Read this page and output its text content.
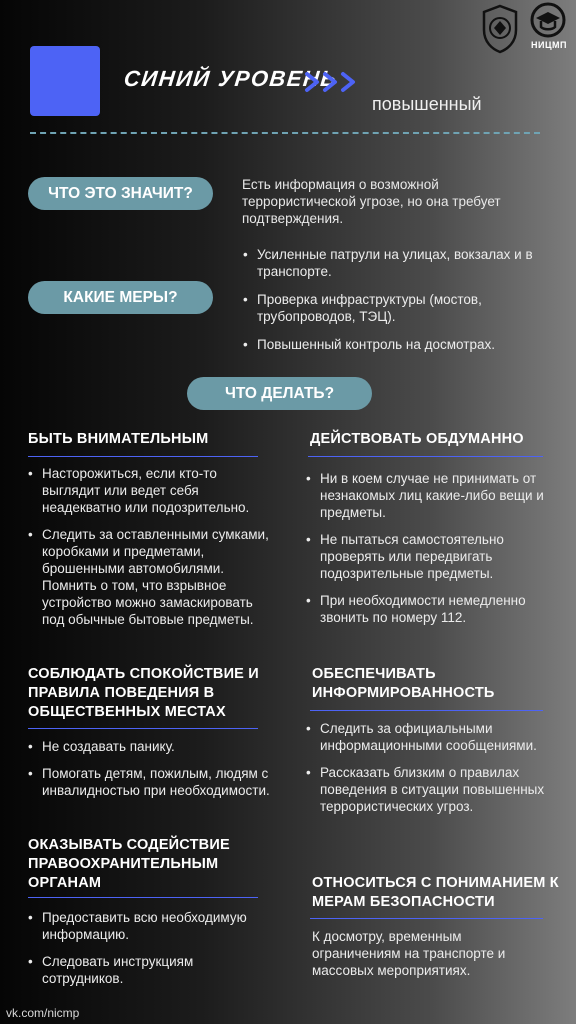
СИНИЙ УРОВЕНЬ
повышенный
НИЦМП
ЧТО ЭТО ЗНАЧИТ?	Есть информация о возможной террористической угрозе, но она требует подтверждения.
КАКИЕ МЕРЫ?
• Усиленные патрули на улицах, вокзалах и в транспорте.
• Проверка инфраструктуры (мостов, трубопроводов, ТЭЦ).
• Повышенный контроль на досмотрах.
ЧТО ДЕЛАТЬ?
БЫТЬ ВНИМАТЕЛЬНЫМ
• Насторожиться, если кто-то выглядит или ведет себя неадекватно или подозрительно.
• Следить за оставленными сумками, коробками и предметами, брошенными автомобилями. Помнить о том, что взрывное устройство можно замаскировать под обычные бытовые предметы.
СОБЛЮДАТЬ СПОКОЙСТВИЕ И ПРАВИЛА ПОВЕДЕНИЯ В ОБЩЕСТВЕННЫХ МЕСТАХ
• Не создавать панику.
• Помогать детям, пожилым, людям с инвалидностью при необходимости.
ОКАЗЫВАТЬ СОДЕЙСТВИЕ ПРАВООХРАНИТЕЛЬНЫМ ОРГАНАМ
• Предоставить всю необходимую информацию.
• Следовать инструкциям сотрудников.
ДЕЙСТВОВАТЬ ОБДУМАННО
• Ни в коем случае не принимать от незнакомых лиц какие-либо вещи и предметы.
• Не пытаться самостоятельно проверять или передвигать подозрительные предметы.
• При необходимости немедленно звонить по номеру 112.
ОБЕСПЕЧИВАТЬ ИНФОРМИРОВАННОСТЬ
• Следить за официальными информационными сообщениями.
• Рассказать близким о правилах поведения в ситуации повышенных террористических угроз.
ОТНОСИТЬСЯ С ПОНИМАНИЕМ К МЕРАМ БЕЗОПАСНОСТИ
К досмотру, временным ограничениям на транспорте и массовых мероприятиях.
vk.com/nicmp
